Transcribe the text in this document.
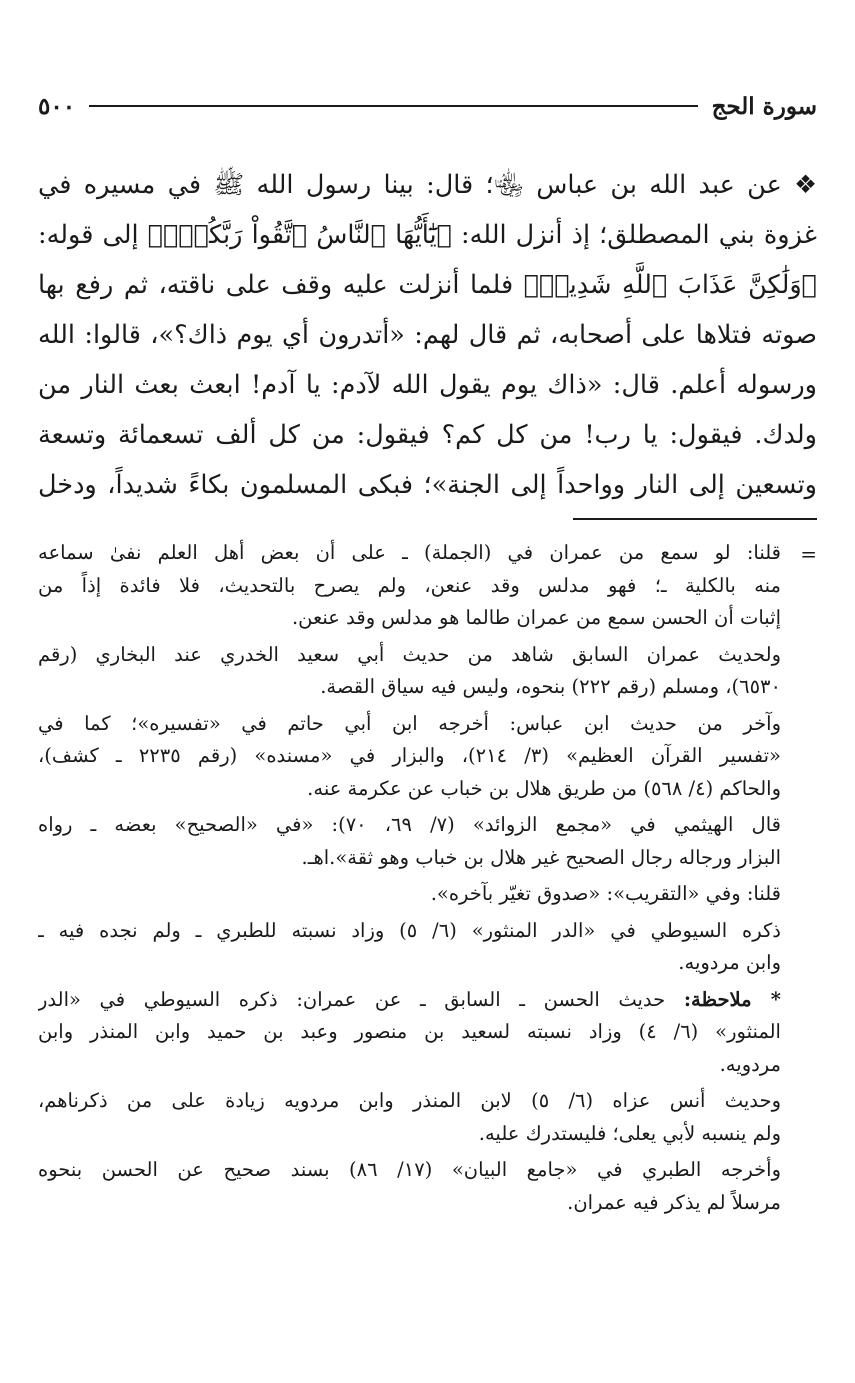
سورة الحج
٥٠٠
❖ عن عبد الله بن عباس ﵄؛ قال: بينا رسول الله ﷺ في مسيره في
غزوة بني المصطلق؛ إذ أنزل الله: ﴿يَٰٓأَيُّهَا ٱلنَّاسُ ٱتَّقُواْ رَبَّكُمۡۚ﴾ إلى قوله:
﴿وَلَٰكِنَّ عَذَابَ ٱللَّهِ شَدِيدٞ﴾ فلما أنزلت عليه وقف على ناقته، ثم رفع بها
صوته فتلاها على أصحابه، ثم قال لهم: «أتدرون أي يوم ذاك؟»، قالوا: الله
ورسوله أعلم. قال: «ذاك يوم يقول الله لآدم: يا آدم! ابعث بعث النار من
ولدك. فيقول: يا رب! من كل كم؟ فيقول: من كل ألف تسعمائة وتسعة
وتسعين إلى النار وواحداً إلى الجنة»؛ فبكى المسلمون بكاءً شديداً، ودخل
=
قلنا: لو سمع من عمران في (الجملة) ـ على أن بعض أهل العلم نفىٰ سماعه
منه بالكلية ـ؛ فهو مدلس وقد عنعن، ولم يصرح بالتحديث، فلا فائدة إذاً من
إثبات أن الحسن سمع من عمران طالما هو مدلس وقد عنعن.
ولحديث عمران السابق شاهد من حديث أبي سعيد الخدري عند البخاري (رقم
٦٥٣٠)، ومسلم (رقم ٢٢٢) بنحوه، وليس فيه سياق القصة.
وآخر من حديث ابن عباس: أخرجه ابن أبي حاتم في «تفسيره»؛ كما في
«تفسير القرآن العظيم» (٣/ ٢١٤)، والبزار في «مسنده» (رقم ٢٢٣٥ ـ كشف)،
والحاكم (٤/ ٥٦٨) من طريق هلال بن خباب عن عكرمة عنه.
قال الهيثمي في «مجمع الزوائد» (٧/ ٦٩، ٧٠): «في «الصحيح» بعضه ـ رواه
البزار ورجاله رجال الصحيح غير هلال بن خباب وهو ثقة».اهـ.
قلنا: وفي «التقريب»: «صدوق تغيّر بآخره».
ذكره السيوطي في «الدر المنثور» (٦/ ٥) وزاد نسبته للطبري ـ ولم نجده فيه ـ
وابن مردويه.
* ملاحظة: حديث الحسن ـ السابق ـ عن عمران: ذكره السيوطي في «الدر
المنثور» (٦/ ٤) وزاد نسبته لسعيد بن منصور وعبد بن حميد وابن المنذر وابن
مردويه.
وحديث أنس عزاه (٦/ ٥) لابن المنذر وابن مردويه زيادة على من ذكرناهم،
ولم ينسبه لأبي يعلى؛ فليستدرك عليه.
وأخرجه الطبري في «جامع البيان» (١٧/ ٨٦) بسند صحيح عن الحسن بنحوه
مرسلاً لم يذكر فيه عمران.
